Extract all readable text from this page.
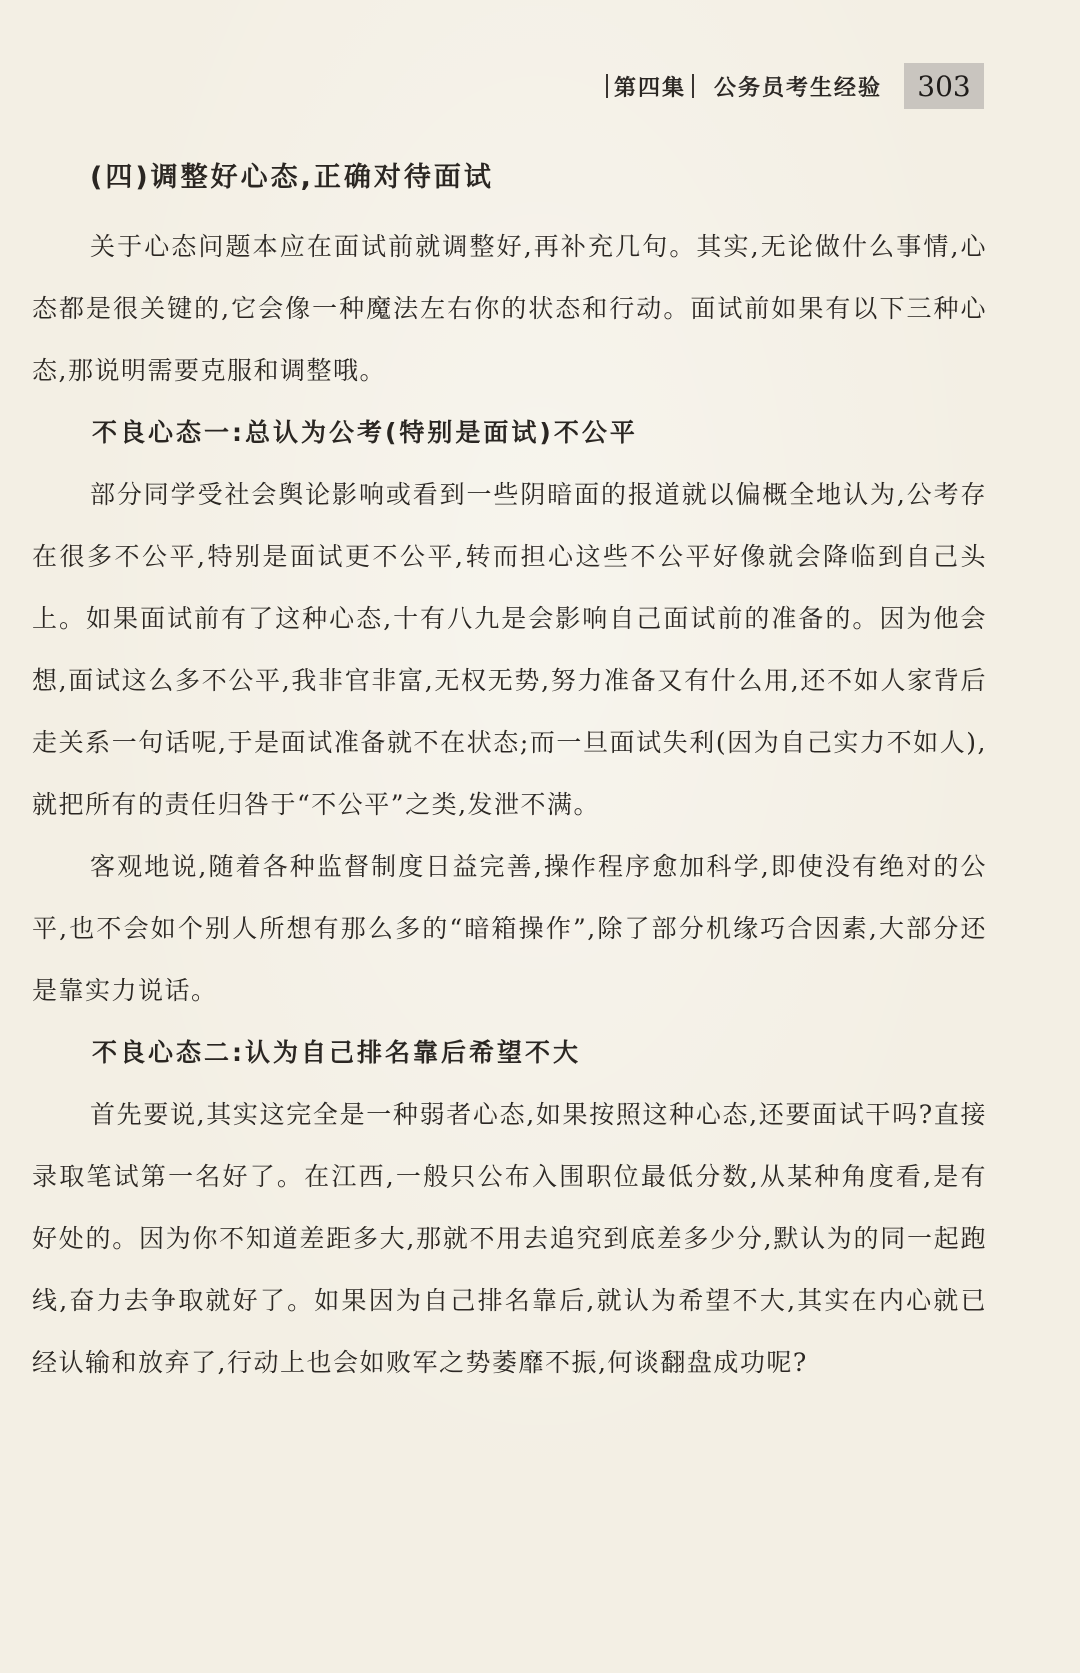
第四集 公务员考生经验	303
(四)调整好心态,正确对待面试

关于心态问题本应在面试前就调整好,再补充几句。其实,无论做什么事情,心态都是很关键的,它会像一种魔法左右你的状态和行动。面试前如果有以下三种心态,那说明需要克服和调整哦。

不良心态一:总认为公考(特别是面试)不公平

部分同学受社会舆论影响或看到一些阴暗面的报道就以偏概全地认为,公考存在很多不公平,特别是面试更不公平,转而担心这些不公平好像就会降临到自己头上。如果面试前有了这种心态,十有八九是会影响自己面试前的准备的。因为他会想,面试这么多不公平,我非官非富,无权无势,努力准备又有什么用,还不如人家背后走关系一句话呢,于是面试准备就不在状态;而一旦面试失利(因为自己实力不如人),就把所有的责任归咎于“不公平”之类,发泄不满。

客观地说,随着各种监督制度日益完善,操作程序愈加科学,即使没有绝对的公平,也不会如个别人所想有那么多的“暗箱操作”,除了部分机缘巧合因素,大部分还是靠实力说话。

不良心态二:认为自己排名靠后希望不大

首先要说,其实这完全是一种弱者心态,如果按照这种心态,还要面试干吗?直接录取笔试第一名好了。在江西,一般只公布入围职位最低分数,从某种角度看,是有好处的。因为你不知道差距多大,那就不用去追究到底差多少分,默认为的同一起跑线,奋力去争取就好了。如果因为自己排名靠后,就认为希望不大,其实在内心就已经认输和放弃了,行动上也会如败军之势萎靡不振,何谈翻盘成功呢?
